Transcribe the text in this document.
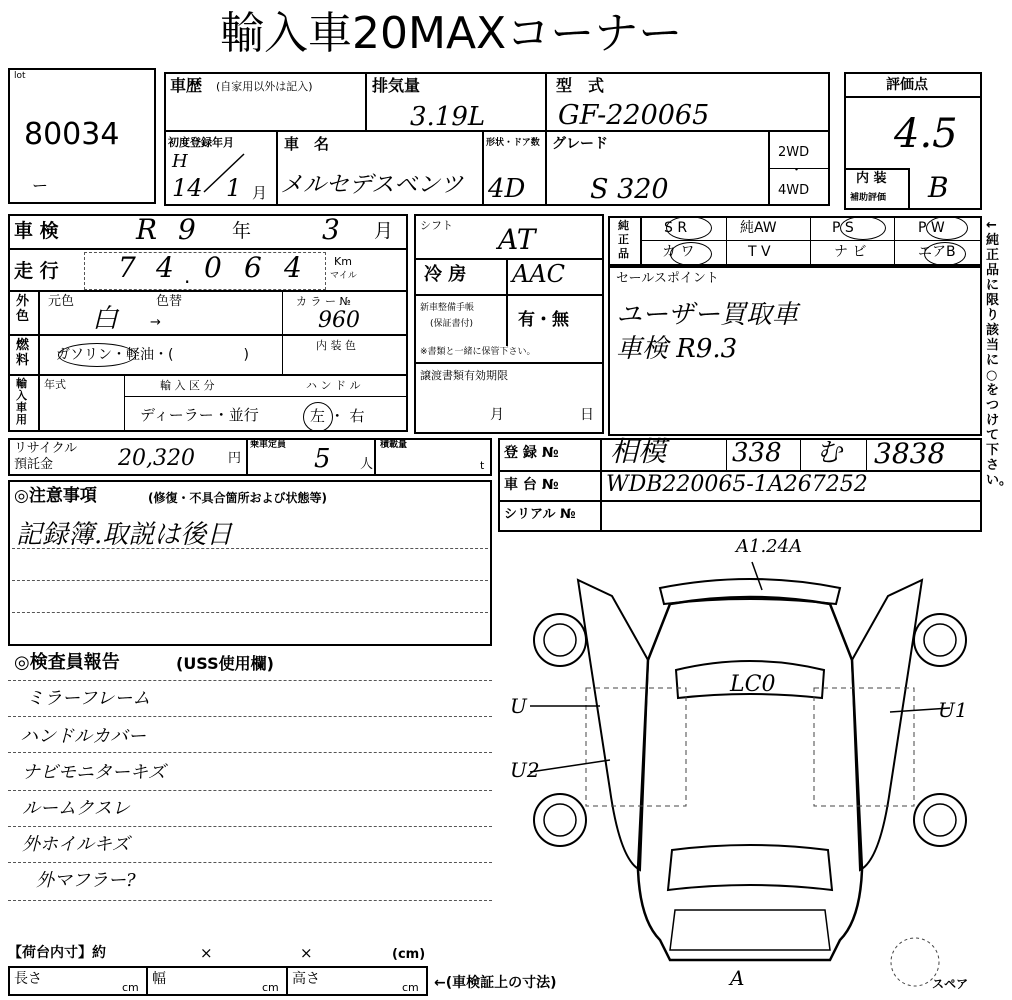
輸入車20MAXコーナー
lot
80034
ー
車歴 (自家用以外は記入)	排気量
3.19L
型　式
GF-220065
初度登録年月
H
14 1 月
車　名
メルセデスベンツ
形状・ドア数
4D
グレード
S 320
2WD
・
4WD
評価点
4.5
内 装
補助評価 B
車 検	R 9 年	3 月
走 行 7 4 . 0 6 4	Km
マイル
外色
元色
白
色替
→
カ ラ ー №
960
燃料 ガソリン・軽油・(　　　　　)
内 装 色
輸入車用
年式	輸 入 区 分
ディーラー・並行
ハ ン ド ル
左 ・ 右
シフト AT
冷 房 AAC
新車整備手帳
(保証書付)	有・無
※書類と一緒に保管下さい。
譲渡書類有効期限
月	日
純正品
S R	純AW	P S	P W
カ ワ	T V	ナ ビ	エアB
←純正品に限り該当に○をつけて下さい。
セールスポイント
ユーザー買取車
車検 R9.3
リサイクル
預託金	20,320	円
乗車定員 5 人
積載量
t
登 録 № 相模	338 む 3838
車 台 № WDB220065-1A267252
シリアル №
◎注意事項	(修復・不具合箇所および状態等)
記録簿.取説は後日
◎検査員報告	(USS使用欄)
ミラーフレーム
ハンドルカバー
ナビモニターキズ
ルームクスレ
外ホイルキズ
外マフラー?
A1.24A
LC0
U
U2
U1
A	スペア
【荷台内寸】約	×	×	(cm)
長さ
cm
幅
cm
高さ
cm ←(車検証上の寸法)
